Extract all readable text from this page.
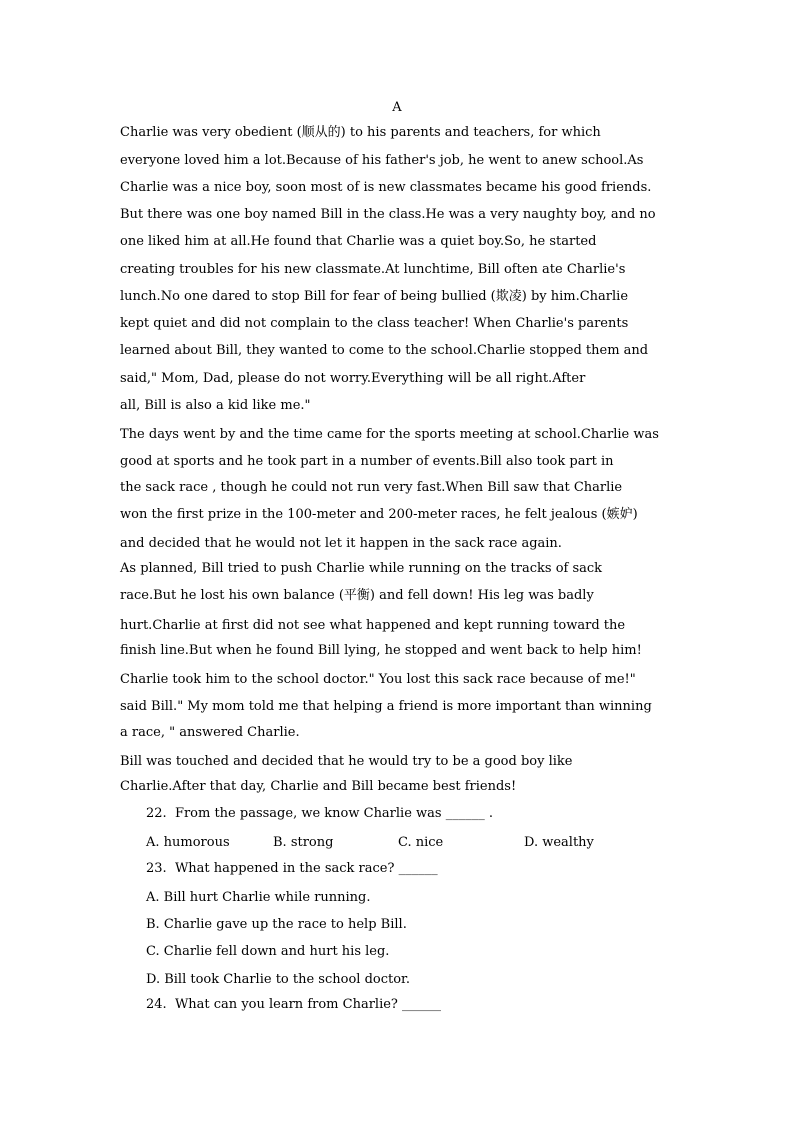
A
Charlie was very obedient (顺从的) to his parents and teachers, for which
everyone loved him a lot.Because of his father's job, he went to anew school.As
Charlie was a nice boy, soon most of is new classmates became his good friends.
But there was one boy named Bill in the class.He was a very naughty boy, and no
one liked him at all.He found that Charlie was a quiet boy.So, he started
creating troubles for his new classmate.At lunchtime, Bill often ate Charlie's
lunch.No one dared to stop Bill for fear of being bullied (欺凌) by him.Charlie
kept quiet and did not complain to the class teacher! When Charlie's parents
learned about Bill, they wanted to come to the school.Charlie stopped them and
said," Mom, Dad, please do not worry.Everything will be all right.After
all, Bill is also a kid like me."
The days went by and the time came for the sports meeting at school.Charlie was
good at sports and he took part in a number of events.Bill also took part in
the sack race , though he could not run very fast.When Bill saw that Charlie
won the first prize in the 100-meter and 200-meter races, he felt jealous (嫉妒)
and decided that he would not let it happen in the sack race again.
As planned, Bill tried to push Charlie while running on the tracks of sack
race.But he lost his own balance (平衡) and fell down! His leg was badly
hurt.Charlie at first did not see what happened and kept running toward the
finish line.But when he found Bill lying, he stopped and went back to help him!
Charlie took him to the school doctor." You lost this sack race because of me!"
said Bill." My mom told me that helping a friend is more important than winning
a race, " answered Charlie.
Bill was touched and decided that he would try to be a good boy like
Charlie.After that day, Charlie and Bill became best friends!
22.  From the passage, we know Charlie was ______ .
A. humorous	B. strong	C. nice	D. wealthy
23.  What happened in the sack race? ______
A. Bill hurt Charlie while running.
B. Charlie gave up the race to help Bill.
C. Charlie fell down and hurt his leg.
D. Bill took Charlie to the school doctor.
24.  What can you learn from Charlie? ______
